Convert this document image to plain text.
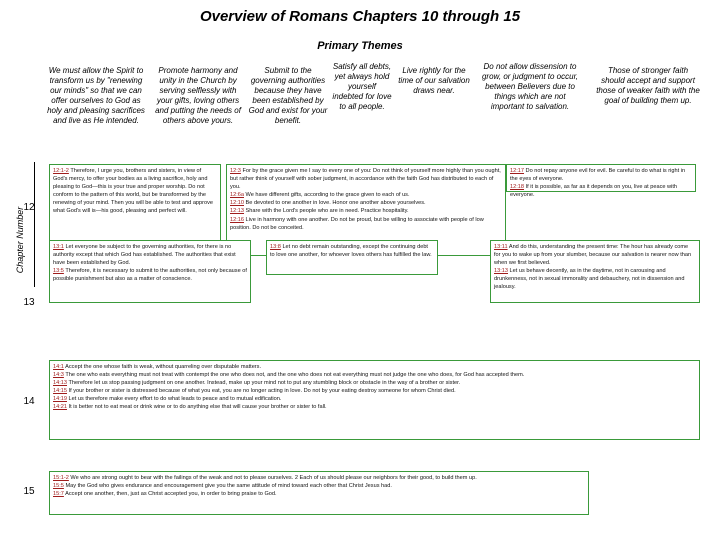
Overview of Romans Chapters 10 through 15
Primary Themes
We must allow the Spirit to transform us by "renewing our minds" so that we can offer ourselves to God as holy and pleasing sacrifices and live as He intended.
Promote harmony and unity in the Church by serving selflessly with your gifts, loving others and putting the needs of others above yours.
Submit to the governing authorities because they have been established by God and exist for your benefit.
Satisfy all debts, yet always hold yourself indebted for love to all people.
Live rightly for the time of our salvation draws near.
Do not allow dissension to grow, or judgment to occur, between Believers due to things which are not important to salvation.
Those of stronger faith should accept and support those of weaker faith with the goal of building them up.
Chapter Number
12
13
14
15

12:1-2 Therefore, I urge you, brothers and sisters, in view of God's mercy, to offer your bodies as a living sacrifice, holy and pleasing to God—this is your true and proper worship. Do not conform to the pattern of this world, but be transformed by the renewing of your mind. Then you will be able to test and approve what God's will is—his good, pleasing and perfect will.

12:3 For by the grace given me I say to every one of you: Do not think of yourself more highly than you ought, but rather think of yourself with sober judgment, in accordance with the faith God has distributed to each of you.

12:6a We have different gifts, according to the grace given to each of us.

12:10 Be devoted to one another in love. Honor one another above yourselves.

12:13 Share with the Lord's people who are in need. Practice hospitality.

12:16 Live in harmony with one another. Do not be proud, but be willing to associate with people of low position. Do not be conceited.

12:17 Do not repay anyone evil for evil. Be careful to do what is right in the eyes of everyone.

12:18 If it is possible, as far as it depends on you, live at peace with everyone.

13:1 Let everyone be subject to the governing authorities, for there is no authority except that which God has established. The authorities that exist have been established by God.

13:5 Therefore, it is necessary to submit to the authorities, not only because of possible punishment but also as a matter of conscience.

13:8 Let no debt remain outstanding, except the continuing debt to love one another, for whoever loves others has fulfilled the law.

13:11 And do this, understanding the present time: The hour has already come for you to wake up from your slumber, because our salvation is nearer now than when we first believed.

13:13 Let us behave decently, as in the daytime, not in carousing and drunkenness, not in sexual immorality and debauchery, not in dissension and jealousy.

14:1 Accept the one whose faith is weak, without quarreling over disputable matters.

14:3 The one who eats everything must not treat with contempt the one who does not, and the one who does not eat everything must not judge the one who does, for God has accepted them.

14:13 Therefore let us stop passing judgment on one another. Instead, make up your mind not to put any stumbling block or obstacle in the way of a brother or sister.

14:15 If your brother or sister is distressed because of what you eat, you are no longer acting in love. Do not by your eating destroy someone for whom Christ died.

14:19 Let us therefore make every effort to do what leads to peace and to mutual edification.

14:21 It is better not to eat meat or drink wine or to do anything else that will cause your brother or sister to fall.

15:1-2 We who are strong ought to bear with the failings of the weak and not to please ourselves. 2 Each of us should please our neighbors for their good, to build them up.

15:5 May the God who gives endurance and encouragement give you the same attitude of mind toward each other that Christ Jesus had.

15:7 Accept one another, then, just as Christ accepted you, in order to bring praise to God.
